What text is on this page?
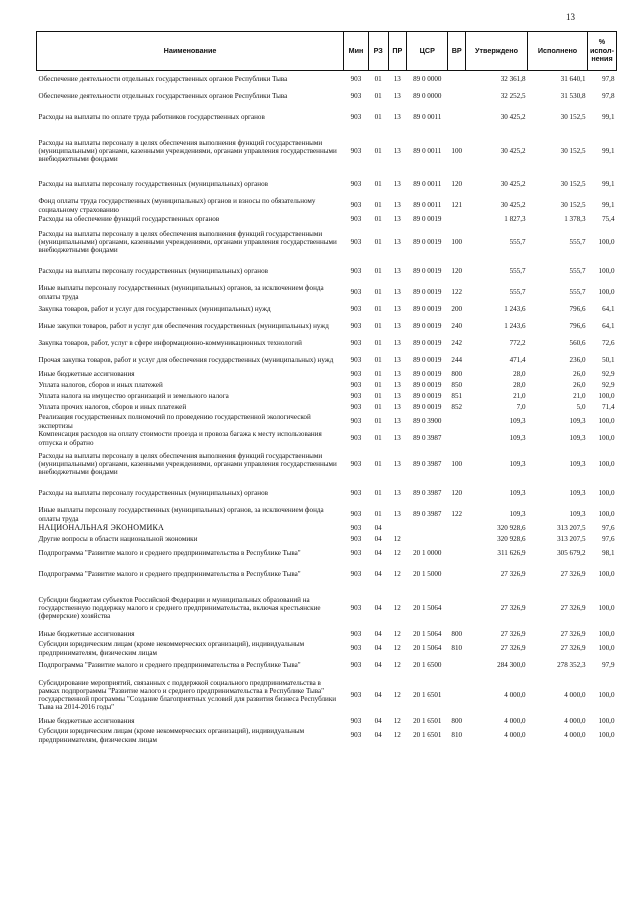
13
Наименование	Мин	РЗ	ПР	ЦСР	ВР	Утверждено	Исполнено	% исполнения
Обеспечение деятельности отдельных государственных органов Республики Тыва	903	01	13	89 0 0000		32 361,8	31 640,1	97,8
Обеспечение деятельности отдельных государственных органов Республики Тыва	903	01	13	89 0 0000		32 252,5	31 530,8	97,8
Расходы на выплаты по оплате труда работников государственных органов	903	01	13	89 0 0011		30 425,2	30 152,5	99,1
Расходы на выплаты персоналу в целях обеспечения выполнения функций государственными (муниципальными) органами, казенными учреждениями, органами управления государственными внебюджетными фондами	903	01	13	89 0 0011	100	30 425,2	30 152,5	99,1
Расходы на выплаты персоналу государственных (муниципальных) органов	903	01	13	89 0 0011	120	30 425,2	30 152,5	99,1
Фонд оплаты труда государственных (муниципальных) органов и взносы по обязательному социальному страхованию	903	01	13	89 0 0011	121	30 425,2	30 152,5	99,1
Расходы на обеспечение функций государственных органов	903	01	13	89 0 0019		1 827,3	1 378,3	75,4
Расходы на выплаты персоналу в целях обеспечения выполнения функций государственными (муниципальными) органами, казенными учреждениями, органами управления государственными внебюджетными фондами	903	01	13	89 0 0019	100	555,7	555,7	100,0
Расходы на выплаты персоналу государственных (муниципальных) органов	903	01	13	89 0 0019	120	555,7	555,7	100,0
Иные выплаты персоналу государственных (муниципальных) органов, за исключением фонда оплаты труда	903	01	13	89 0 0019	122	555,7	555,7	100,0
Закупка товаров, работ и услуг для государственных (муниципальных) нужд	903	01	13	89 0 0019	200	1 243,6	796,6	64,1
Иные закупки товаров, работ и услуг для обеспечения государственных (муниципальных) нужд	903	01	13	89 0 0019	240	1 243,6	796,6	64,1
Закупка товаров, работ, услуг в сфере информационно-коммуникационных технологий	903	01	13	89 0 0019	242	772,2	560,6	72,6
Прочая закупка товаров, работ и услуг для обеспечения государственных (муниципальных) нужд	903	01	13	89 0 0019	244	471,4	236,0	50,1
Иные бюджетные ассигнования	903	01	13	89 0 0019	800	28,0	26,0	92,9
Уплата налогов, сборов и иных платежей	903	01	13	89 0 0019	850	28,0	26,0	92,9
Уплата налога на имущество организаций и земельного налога	903	01	13	89 0 0019	851	21,0	21,0	100,0
Уплата прочих налогов, сборов и иных платежей	903	01	13	89 0 0019	852	7,0	5,0	71,4
Реализация государственных полномочий по проведению государственной экологической экспертизы	903	01	13	89 0 3900		109,3	109,3	100,0
Компенсация расходов на оплату стоимости проезда и провоза багажа к месту использования отпуска и обратно	903	01	13	89 0 3987		109,3	109,3	100,0
Расходы на выплаты персоналу в целях обеспечения выполнения функций государственными (муниципальными) органами, казенными учреждениями, органами управления государственными внебюджетными фондами	903	01	13	89 0 3987	100	109,3	109,3	100,0
Расходы на выплаты персоналу государственных (муниципальных) органов	903	01	13	89 0 3987	120	109,3	109,3	100,0
Иные выплаты персоналу государственных (муниципальных) органов, за исключением фонда оплаты труда	903	01	13	89 0 3987	122	109,3	109,3	100,0
НАЦИОНАЛЬНАЯ ЭКОНОМИКА	903	04				320 928,6	313 207,5	97,6
Другие вопросы в области национальной экономики	903	04	12			320 928,6	313 207,5	97,6
Подпрограмма "Развитие малого и среднего предпринимательства в Республике Тыва"	903	04	12	20 1 0000		311 626,9	305 679,2	98,1
Подпрограмма "Развитие малого и среднего предпринимательства в Республике Тыва"	903	04	12	20 1 5000		27 326,9	27 326,9	100,0
Субсидии бюджетам субъектов Российской Федерации и муниципальных образований на государственную поддержку малого и среднего предпринимательства, включая крестьянские (фермерские) хозяйства	903	04	12	20 1 5064		27 326,9	27 326,9	100,0
Иные бюджетные ассигнования	903	04	12	20 1 5064	800	27 326,9	27 326,9	100,0
Субсидии юридическим лицам (кроме некоммерческих организаций), индивидуальным предпринимателям, физическим лицам	903	04	12	20 1 5064	810	27 326,9	27 326,9	100,0
Подпрограмма "Развитие малого и среднего предпринимательства в Республике Тыва"	903	04	12	20 1 6500		284 300,0	278 352,3	97,9
Субсидирование мероприятий, связанных с поддержкой социального предпринимательства в рамках подпрограммы "Развитие малого и среднего предпринимательства в Республике Тыва" государственной программы "Создание благоприятных условий для развития бизнеса Республики Тыва на 2014-2016 годы"	903	04	12	20 1 6501		4 000,0	4 000,0	100,0
Иные бюджетные ассигнования	903	04	12	20 1 6501	800	4 000,0	4 000,0	100,0
Субсидии юридическим лицам (кроме некоммерческих организаций), индивидуальным предпринимателям, физическим лицам	903	04	12	20 1 6501	810	4 000,0	4 000,0	100,0
